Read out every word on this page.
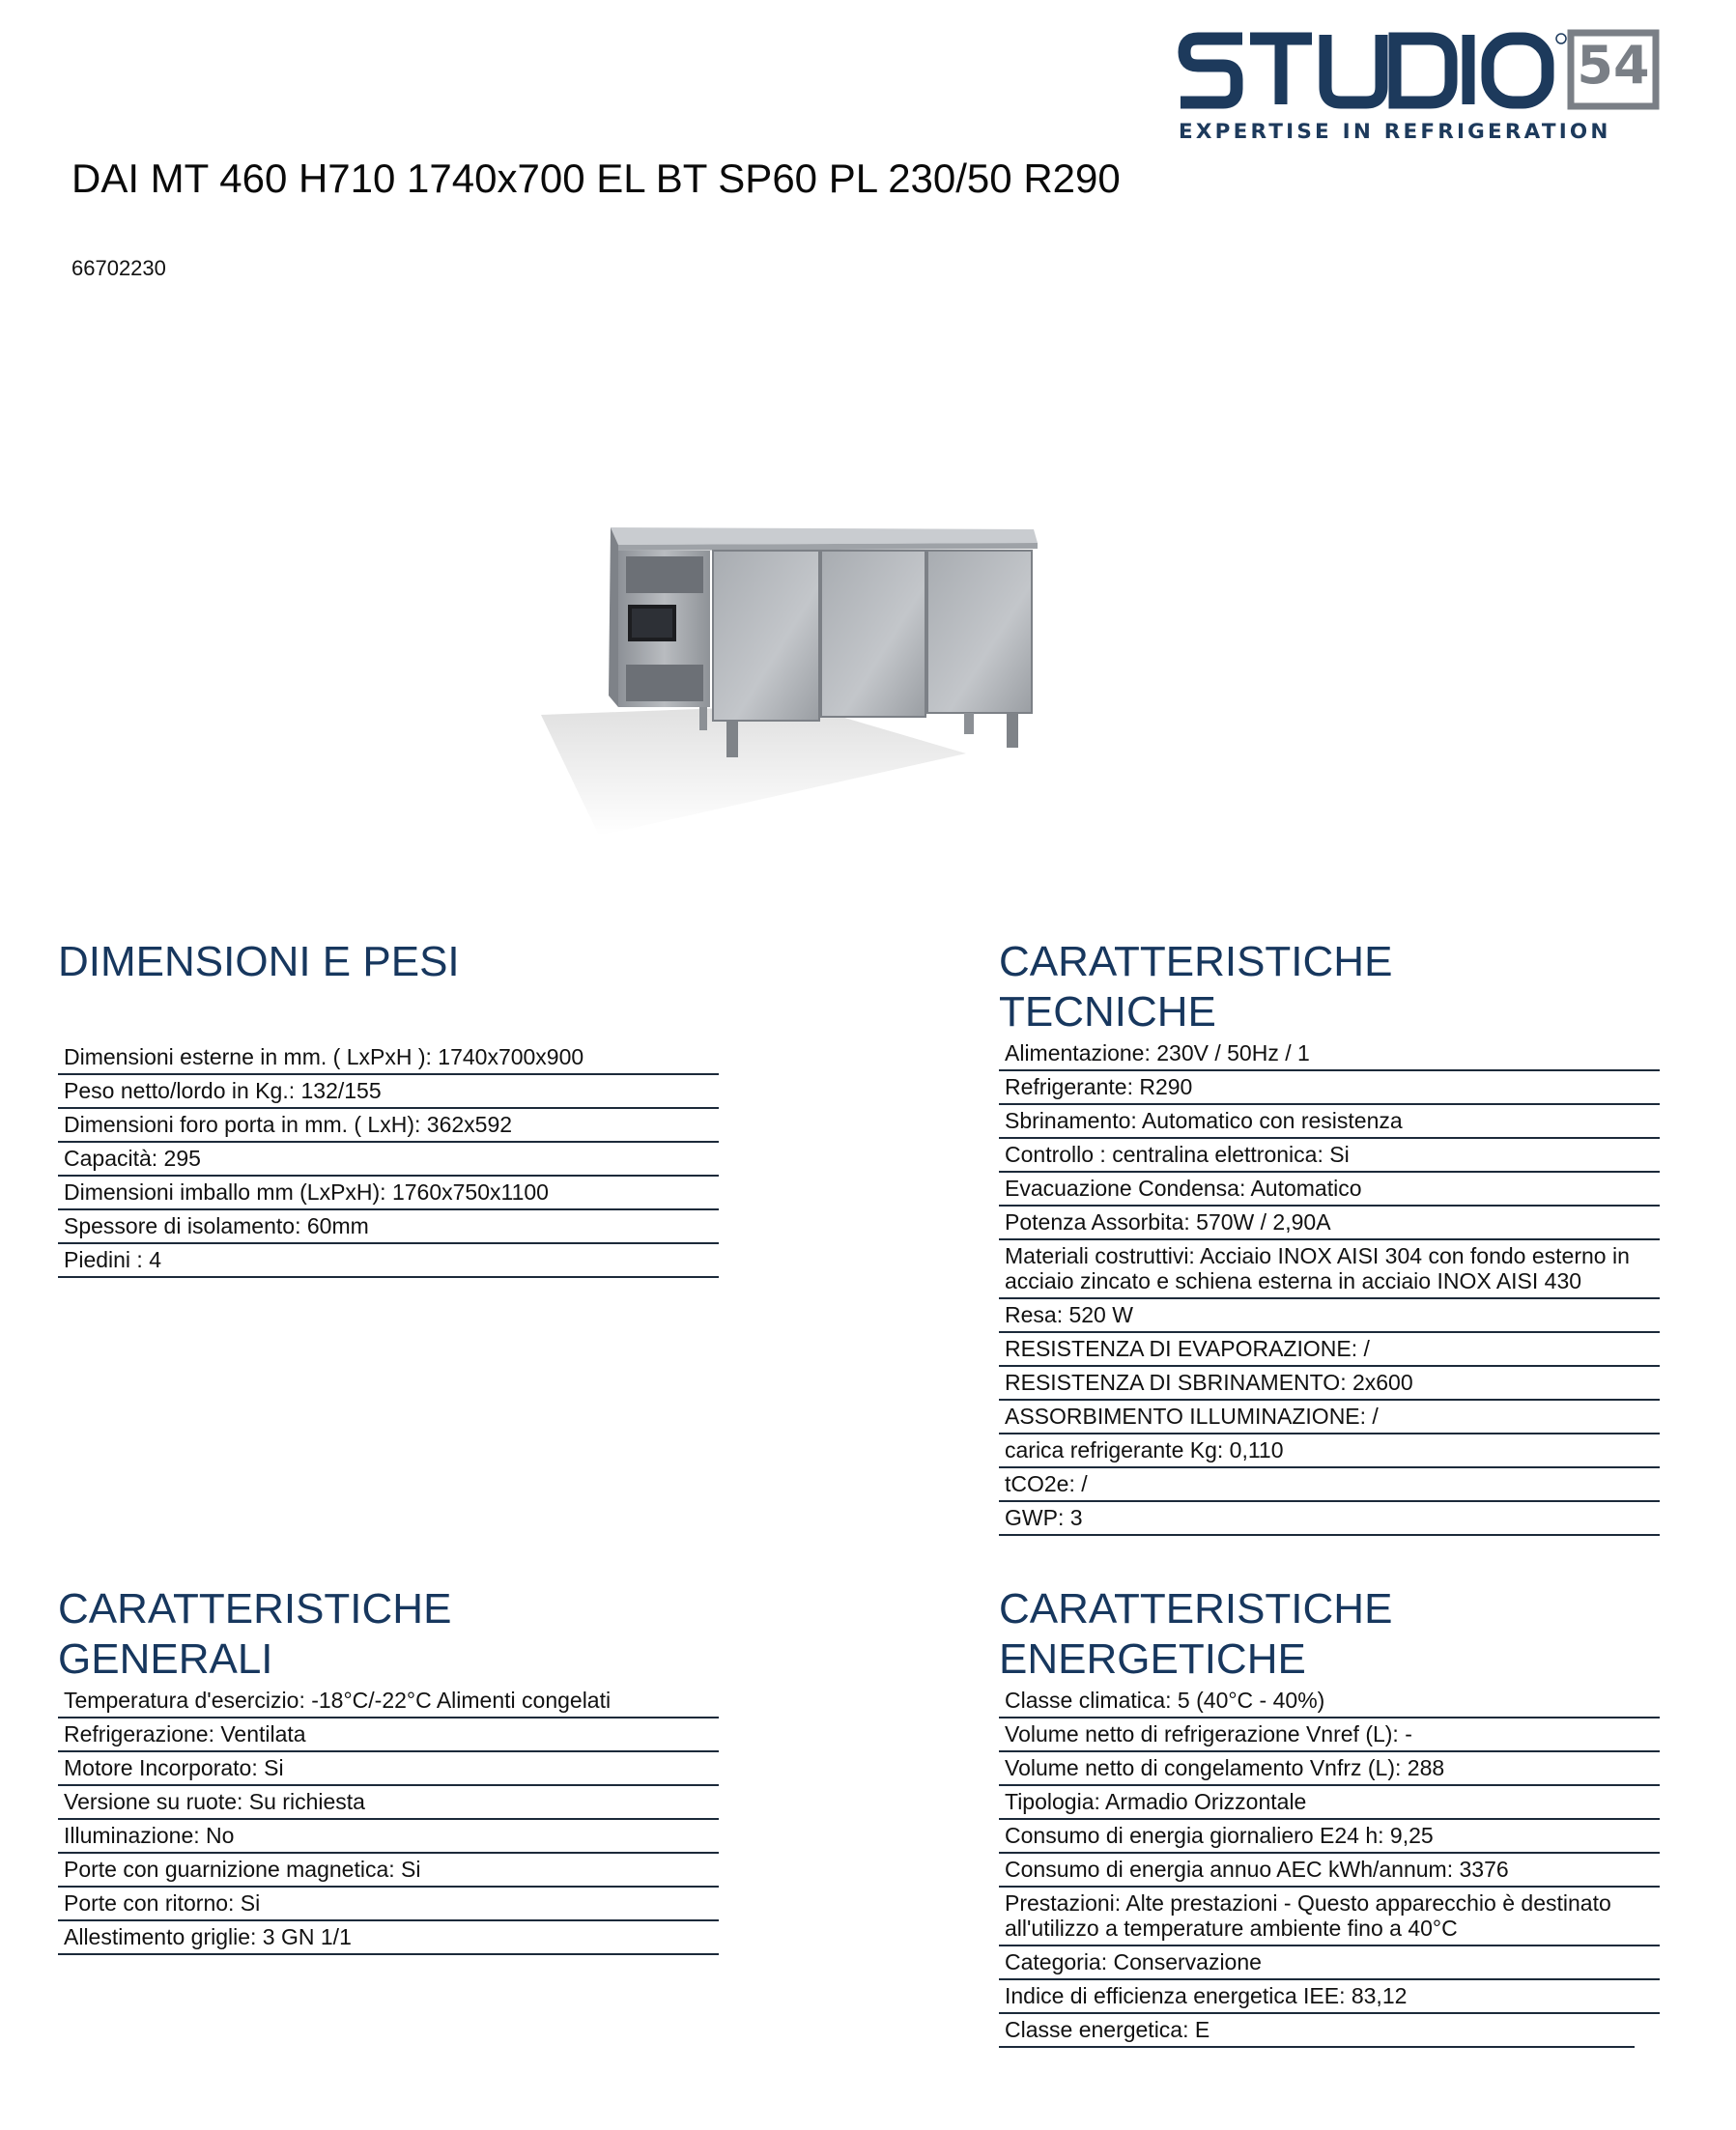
54
EXPERTISE IN REFRIGERATION
DAI MT 460 H710 1740x700 EL BT SP60 PL 230/50 R290
66702230
DIMENSIONI E PESI
Dimensioni esterne in mm. ( LxPxH ): 1740x700x900
Peso netto/lordo in Kg.: 132/155
Dimensioni foro porta in mm. ( LxH): 362x592
Capacità: 295
Dimensioni imballo mm (LxPxH): 1760x750x1100
Spessore di isolamento: 60mm
Piedini : 4
CARATTERISTICHE
TECNICHE
Alimentazione: 230V / 50Hz / 1
Refrigerante: R290
Sbrinamento: Automatico con resistenza
Controllo : centralina elettronica: Si
Evacuazione Condensa: Automatico
Potenza Assorbita: 570W / 2,90A
Materiali costruttivi: Acciaio INOX AISI 304 con fondo esterno in acciaio zincato e schiena esterna in acciaio INOX AISI 430
Resa: 520 W
RESISTENZA DI EVAPORAZIONE: /
RESISTENZA DI SBRINAMENTO: 2x600
ASSORBIMENTO ILLUMINAZIONE: /
carica refrigerante Kg: 0,110
tCO2e: /
GWP: 3
CARATTERISTICHE
GENERALI
Temperatura d'esercizio: -18°C/-22°C Alimenti congelati
Refrigerazione: Ventilata
Motore Incorporato: Si
Versione su ruote: Su richiesta
Illuminazione: No
Porte con guarnizione magnetica: Si
Porte con ritorno: Si
Allestimento griglie: 3 GN 1/1
CARATTERISTICHE
ENERGETICHE
Classe climatica: 5 (40°C - 40%)
Volume netto di refrigerazione Vnref (L): -
Volume netto di congelamento Vnfrz (L): 288
Tipologia: Armadio Orizzontale
Consumo di energia giornaliero E24 h: 9,25
Consumo di energia annuo AEC kWh/annum: 3376
Prestazioni: Alte prestazioni - Questo apparecchio è destinato all'utilizzo a temperature ambiente fino a 40°C
Categoria: Conservazione
Indice di efficienza energetica IEE: 83,12
Classe energetica: E
